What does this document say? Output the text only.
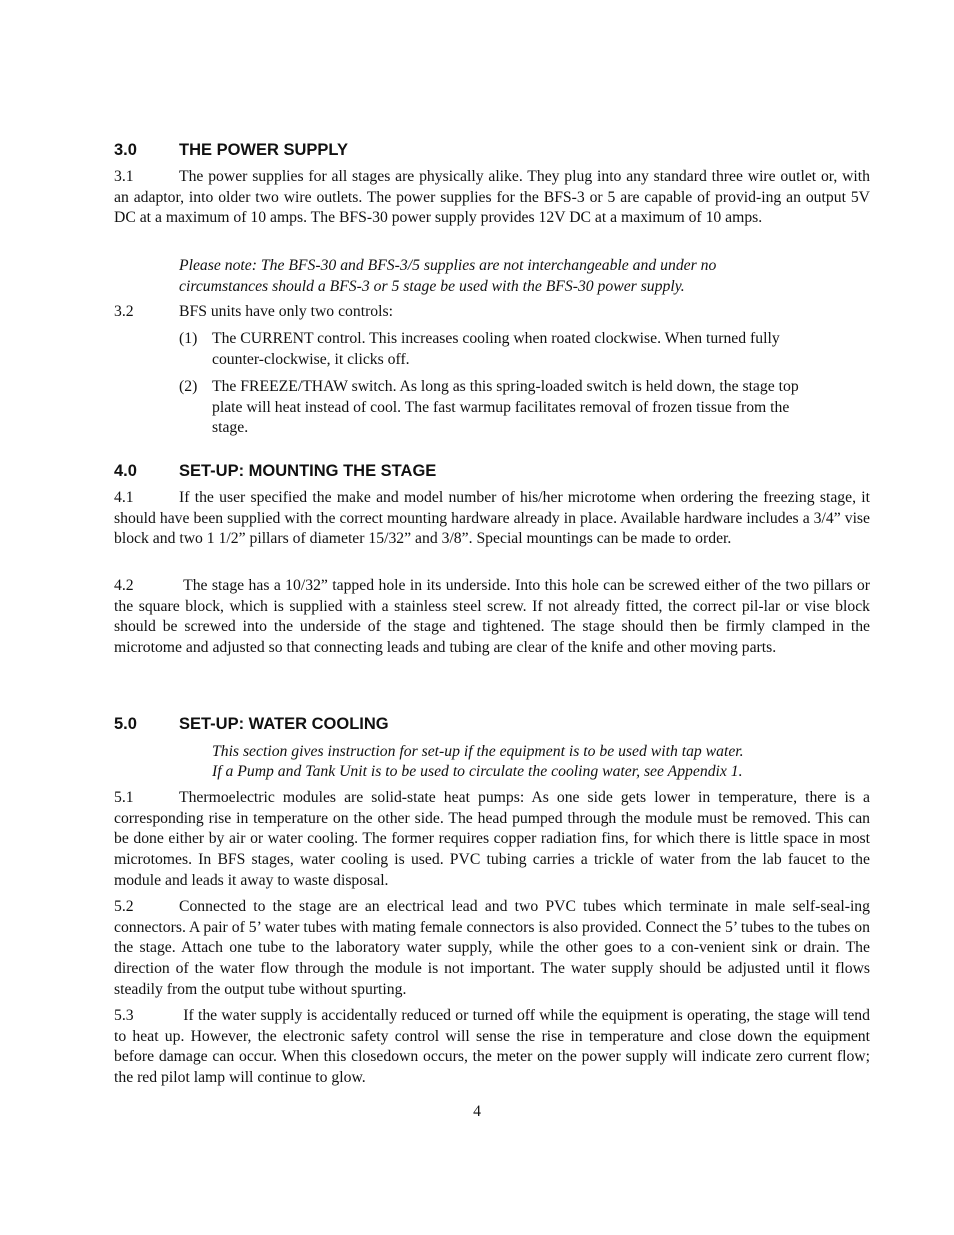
3.0	THE POWER SUPPLY

3.1	The power supplies for all stages are physically alike. They plug into any standard three wire outlet or, with an adaptor, into older two wire outlets. The power supplies for the BFS-3 or 5 are capable of provid-ing an output 5V DC at a maximum of 10 amps. The BFS-30 power supply provides 12V DC at a maximum of 10 amps.

Please note: The BFS-30 and BFS-3/5 supplies are not interchangeable and under no
circumstances should a BFS-3 or 5 stage be used with the BFS-30 power supply.

3.2	BFS units have only two controls:

(1) The CURRENT control. This increases cooling when roated clockwise. When turned fully counter-clockwise, it clicks off.
(2) The FREEZE/THAW switch. As long as this spring-loaded switch is held down, the stage top plate will heat instead of cool. The fast warmup facilitates removal of frozen tissue from the stage.
4.0	SET-UP: MOUNTING THE STAGE

4.1	If the user specified the make and model number of his/her microtome when ordering the freezing stage, it should have been supplied with the correct mounting hardware already in place. Available hardware includes a 3/4” vise block and two 1 1/2” pillars of diameter 15/32” and 3/8”. Special mountings can be made to order.

4.2	The stage has a 10/32” tapped hole in its underside. Into this hole can be screwed either of the two pillars or the square block, which is supplied with a stainless steel screw. If not already fitted, the correct pil-lar or vise block should be screwed into the underside of the stage and tightened. The stage should then be firmly clamped in the microtome and adjusted so that connecting leads and tubing are clear of the knife and other moving parts.

5.0	SET-UP: WATER COOLING
This section gives instruction for set-up if the equipment is to be used with tap water.
If a Pump and Tank Unit is to be used to circulate the cooling water, see Appendix 1.

5.1	Thermoelectric modules are solid-state heat pumps: As one side gets lower in temperature, there is a corresponding rise in temperature on the other side. The head pumped through the module must be removed. This can be done either by air or water cooling. The former requires copper radiation fins, for which there is little space in most microtomes. In BFS stages, water cooling is used. PVC tubing carries a trickle of water from the lab faucet to the module and leads it away to waste disposal.

5.2	Connected to the stage are an electrical lead and two PVC tubes which terminate in male self-seal-ing connectors. A pair of 5’ water tubes with mating female connectors is also provided. Connect the 5’ tubes to the tubes on the stage. Attach one tube to the laboratory water supply, while the other goes to a con-venient sink or drain. The direction of the water flow through the module is not important. The water supply should be adjusted until it flows steadily from the output tube without spurting.

5.3	If the water supply is accidentally reduced or turned off while the equipment is operating, the stage will tend to heat up. However, the electronic safety control will sense the rise in temperature and close down the equipment before damage can occur. When this closedown occurs, the meter on the power supply will indicate zero current flow; the red pilot lamp will continue to glow.

4
